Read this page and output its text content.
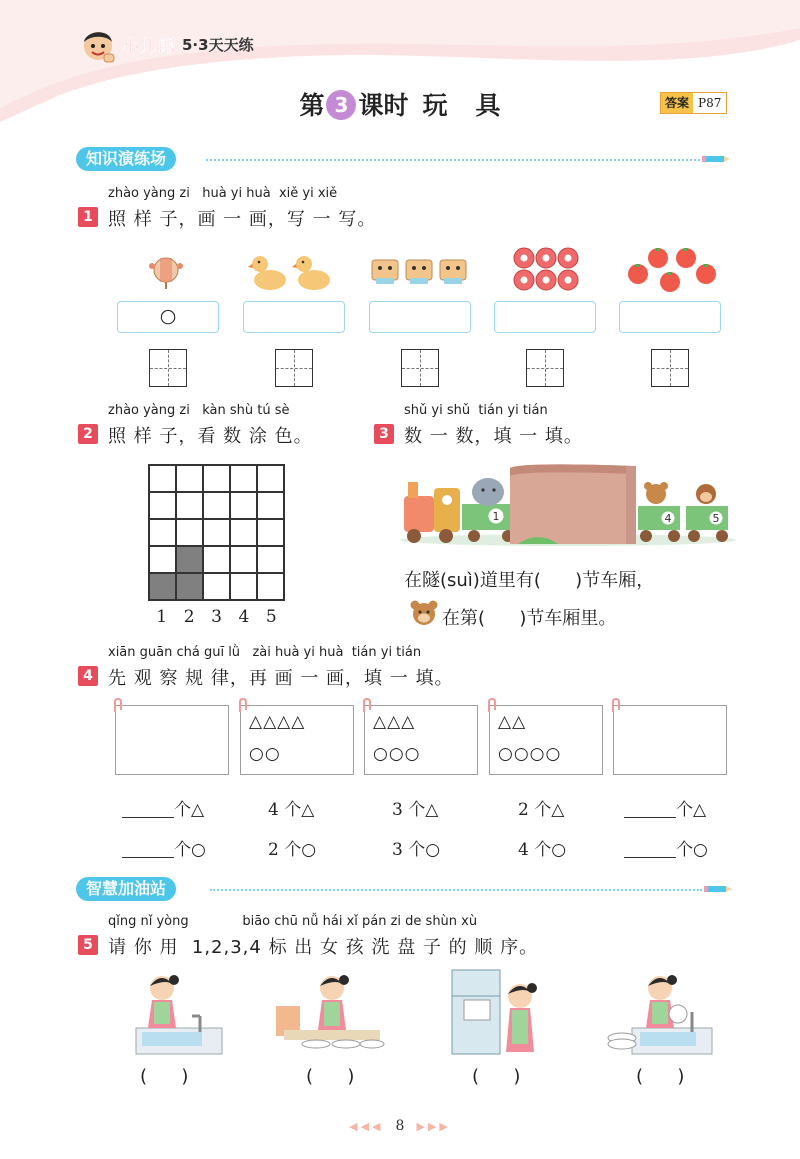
小儿郎 5·3天天练
第 3 课时 玩 具	答案 P87
知识演练场
zhào yàng zi   huà yi huà  xiě yi xiě
1 照 样 子，画 一 画，写 一 写。
○
zhào yàng zi   kàn shù tú sè
2 照 样 子，看 数 涂 色。
1 2 3 4 5
shǔ yi shǔ  tián yi tián
3 数 一 数，填 一 填。
1	4	5
在隧(suì)道里有(      )节车厢，
在第(      )节车厢里。
xiān guān chá guī lǜ   zài huà yi huà  tián yi tián
4 先 观 察 规 律，再 画 一 画，填 一 填。
△△△△
○○
△△△
○○○
△△
○○○○
个△	4 个△	3 个△	2 个△	个△
个○	2 个○	3 个○	4 个○	个○
智慧加油站
qǐng nǐ yòng             biāo chū nǚ hái xǐ pán zi de shùn xù
5 请 你 用  1,2,3,4 标 出 女 孩 洗 盘 子 的 顺 序。
(      )	(      )	(      )	(      )
◀◀◀ 8 ▶▶▶
